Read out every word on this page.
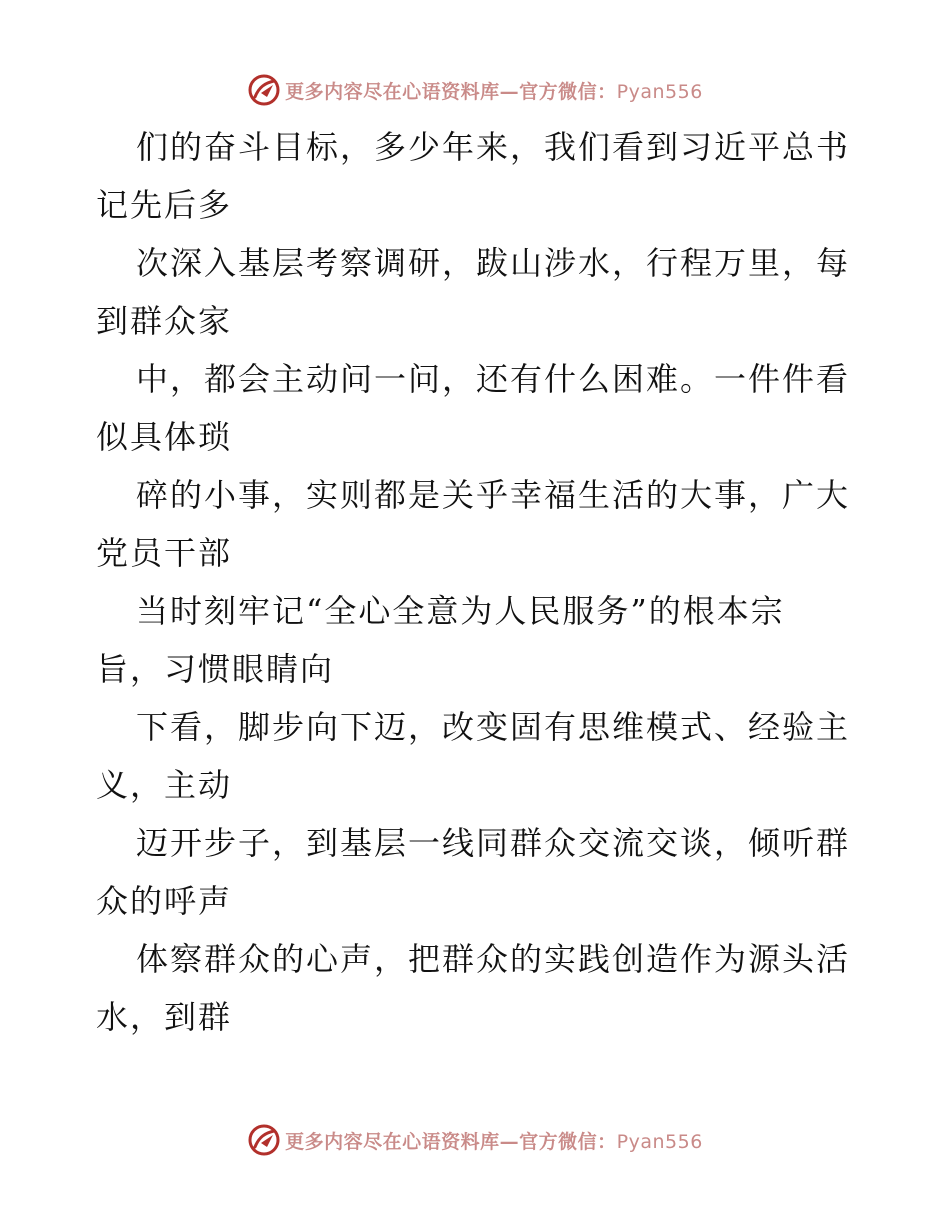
更多内容尽在心语资料库—官方微信：Pyan556
们的奋斗目标，多少年来，我们看到习近平总书
记先后多
次深入基层考察调研，跋山涉水，行程万里，每
到群众家
中，都会主动问一问，还有什么困难。一件件看
似具体琐
碎的小事，实则都是关乎幸福生活的大事，广大
党员干部
当时刻牢记“全心全意为人民服务”的根本宗
旨，习惯眼睛向
下看，脚步向下迈，改变固有思维模式、经验主
义，主动
迈开步子，到基层一线同群众交流交谈，倾听群
众的呼声
体察群众的心声，把群众的实践创造作为源头活
水，到群
更多内容尽在心语资料库—官方微信：Pyan556
